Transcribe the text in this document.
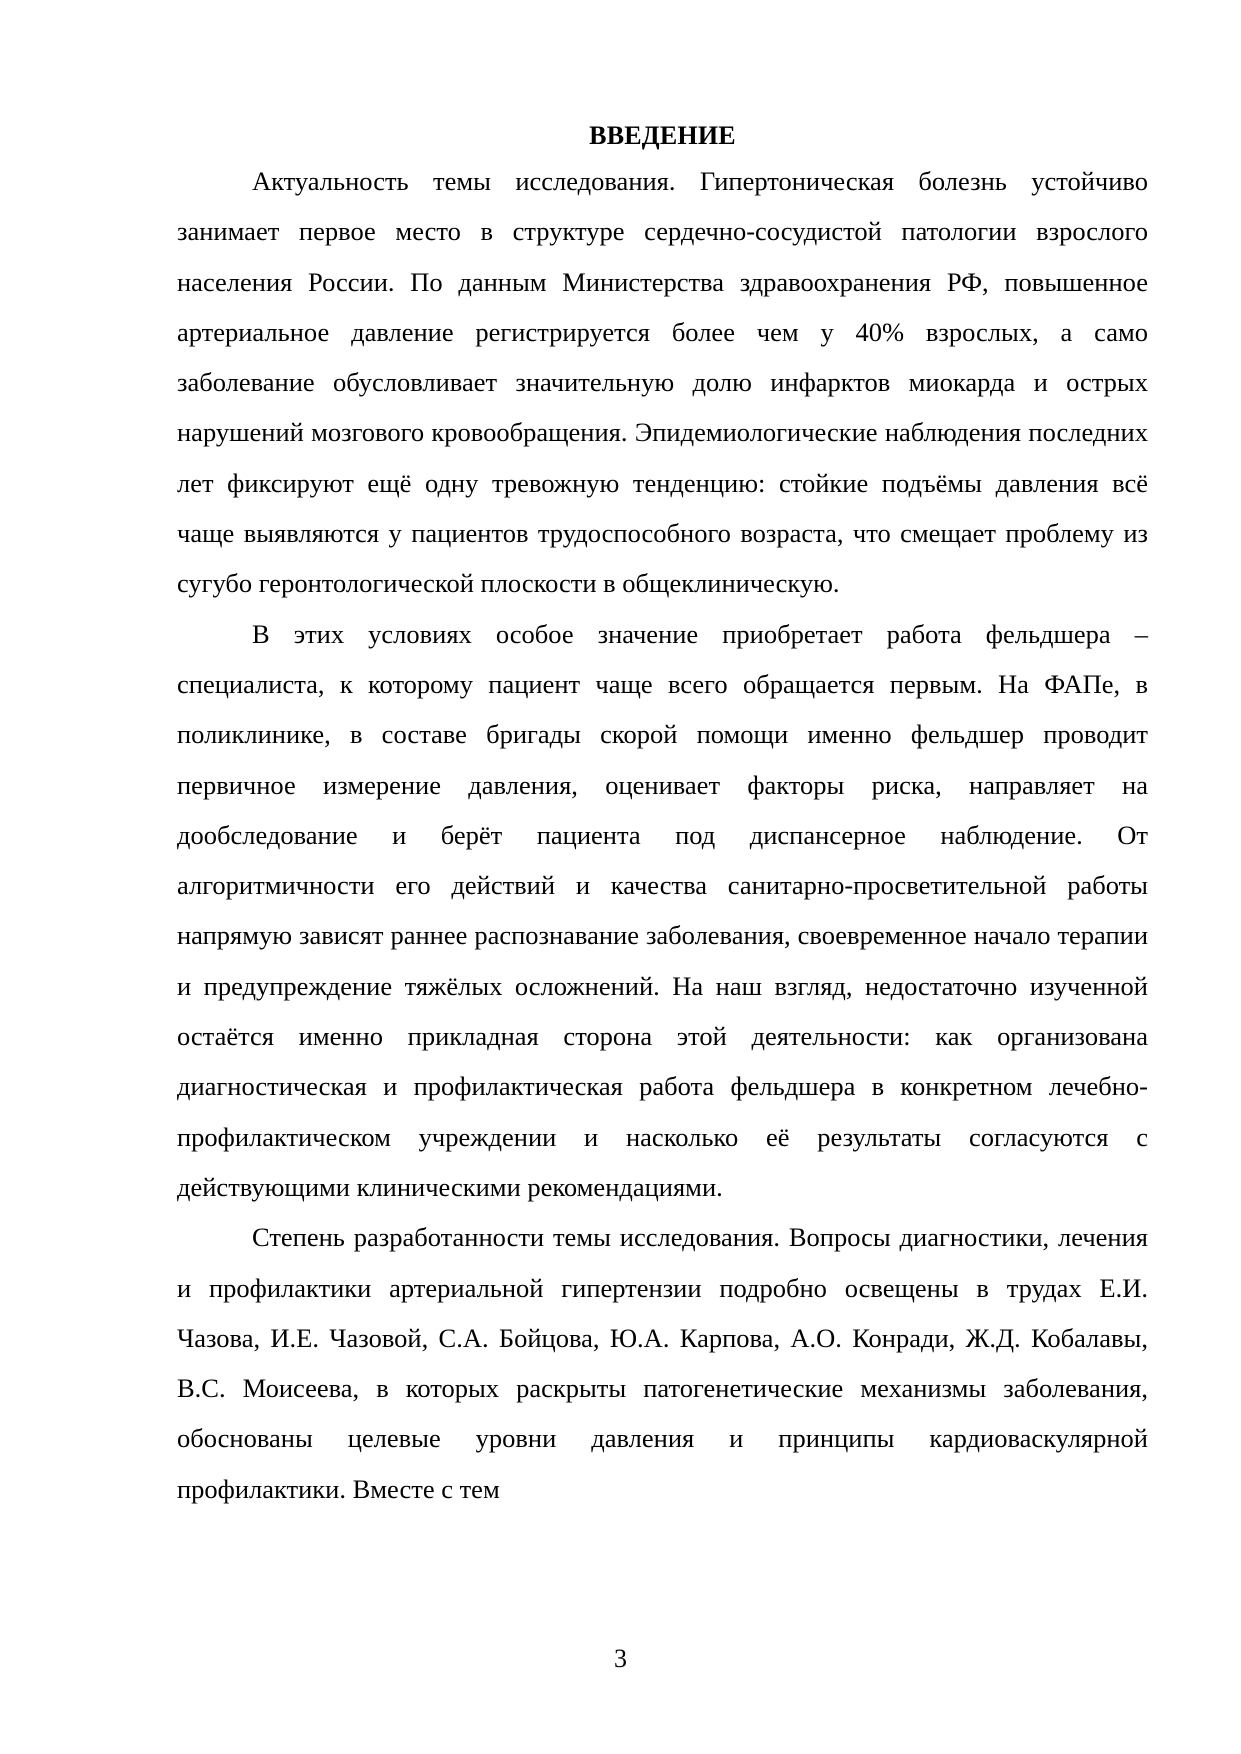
ВВЕДЕНИЕ

Актуальность темы исследования. Гипертоническая болезнь устойчиво занимает первое место в структуре сердечно-сосудистой патологии взрослого населения России. По данным Министерства здравоохранения РФ, повышенное артериальное давление регистрируется более чем у 40% взрослых, а само заболевание обусловливает значительную долю инфарктов миокарда и острых нарушений мозгового кровообращения. Эпидемиологические наблюдения последних лет фиксируют ещё одну тревожную тенденцию: стойкие подъёмы давления всё чаще выявляются у пациентов трудоспособного возраста, что смещает проблему из сугубо геронтологической плоскости в общеклиническую.

В этих условиях особое значение приобретает работа фельдшера – специалиста, к которому пациент чаще всего обращается первым. На ФАПе, в поликлинике, в составе бригады скорой помощи именно фельдшер проводит первичное измерение давления, оценивает факторы риска, направляет на дообследование и берёт пациента под диспансерное наблюдение. От алгоритмичности его действий и качества санитарно-просветительной работы напрямую зависят раннее распознавание заболевания, своевременное начало терапии и предупреждение тяжёлых осложнений. На наш взгляд, недостаточно изученной остаётся именно прикладная сторона этой деятельности: как организована диагностическая и профилактическая работа фельдшера в конкретном лечебно-профилактическом учреждении и насколько её результаты согласуются с действующими клиническими рекомендациями.

Степень разработанности темы исследования. Вопросы диагностики, лечения и профилактики артериальной гипертензии подробно освещены в трудах Е.И. Чазова, И.Е. Чазовой, С.А. Бойцова, Ю.А. Карпова, А.О. Конради, Ж.Д. Кобалавы, В.С. Моисеева, в которых раскрыты патогенетические механизмы заболевания, обоснованы целевые уровни давления и принципы кардиоваскулярной профилактики. Вместе с тем

3
